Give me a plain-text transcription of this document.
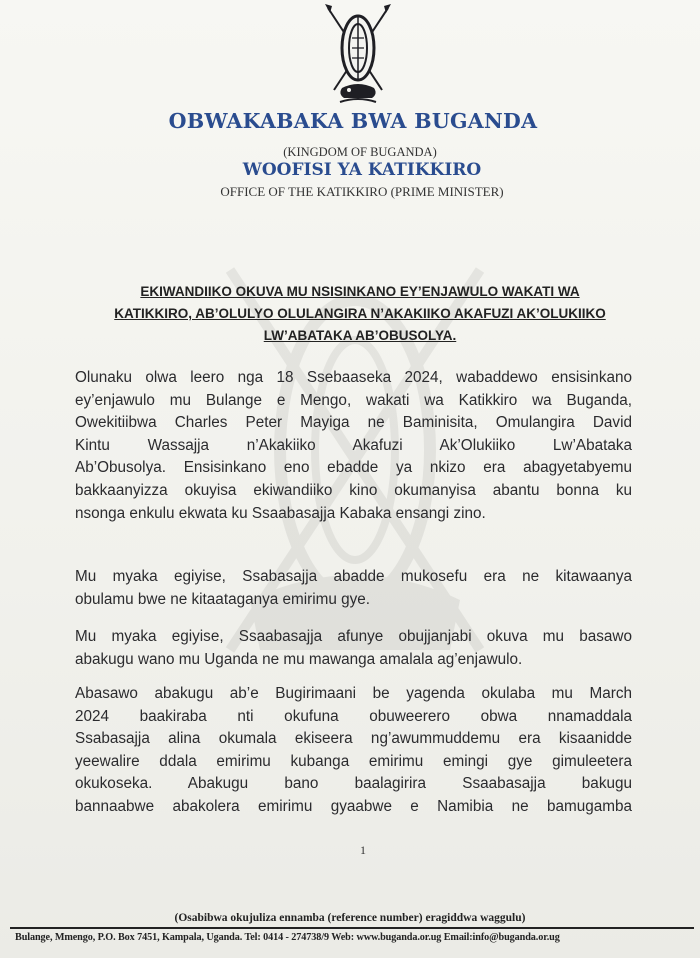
OBWAKABAKA BWA BUGANDA
(KINGDOM OF BUGANDA)
WOOFISI YA KATIKKIRO
OFFICE OF THE KATIKKIRO (PRIME MINISTER)
EKIWANDIIKO OKUVA MU NSISINKANO EY’ENJAWULO WAKATI WA
KATIKKIRO, AB’OLULYO OLULANGIRA N’AKAKIIKO AKAFUZI AK’OLUKIIKO
LW’ABATAKA AB’OBUSOLYA.
Olunaku olwa leero nga 18 Ssebaaseka 2024, wabaddewo ensisinkano
ey’enjawulo mu Bulange e Mengo, wakati wa Katikkiro wa Buganda,
Owekitiibwa Charles Peter Mayiga ne Baminisita, Omulangira David
Kintu Wassajja n’Akakiiko Akafuzi Ak’Olukiiko Lw’Abataka
Ab’Obusolya. Ensisinkano eno ebadde ya nkizo era abagyetabyemu
bakkaanyizza okuyisa ekiwandiiko kino okumanyisa abantu bonna ku
nsonga enkulu ekwata ku Ssaabasajja Kabaka ensangi zino.
Mu myaka egiyise, Ssabasajja abadde mukosefu era ne kitawaanya
obulamu bwe ne kitaataganya emirimu gye.
Mu myaka egiyise, Ssaabasajja afunye obujjanjabi okuva mu basawo
abakugu wano mu Uganda ne mu mawanga amalala ag’enjawulo.
Abasawo abakugu ab’e Bugirimaani be yagenda okulaba mu March
2024 baakiraba nti okufuna obuweerero obwa nnamaddala
Ssabasajja alina okumala ekiseera ng’awummuddemu era kisaanidde
yeewalire ddala emirimu kubanga emirimu emingi gye gimuleetera
okukoseka. Abakugu bano baalagirira Ssaabasajja bakugu
bannaabwe abakolera emirimu gyaabwe e Namibia ne bamugamba
1
(Osabibwa okujuliza ennamba (reference number) eragiddwa waggulu)
Bulange, Mmengo, P.O. Box 7451, Kampala, Uganda. Tel: 0414 - 274738/9 Web: www.buganda.or.ug Email:info@buganda.or.ug
